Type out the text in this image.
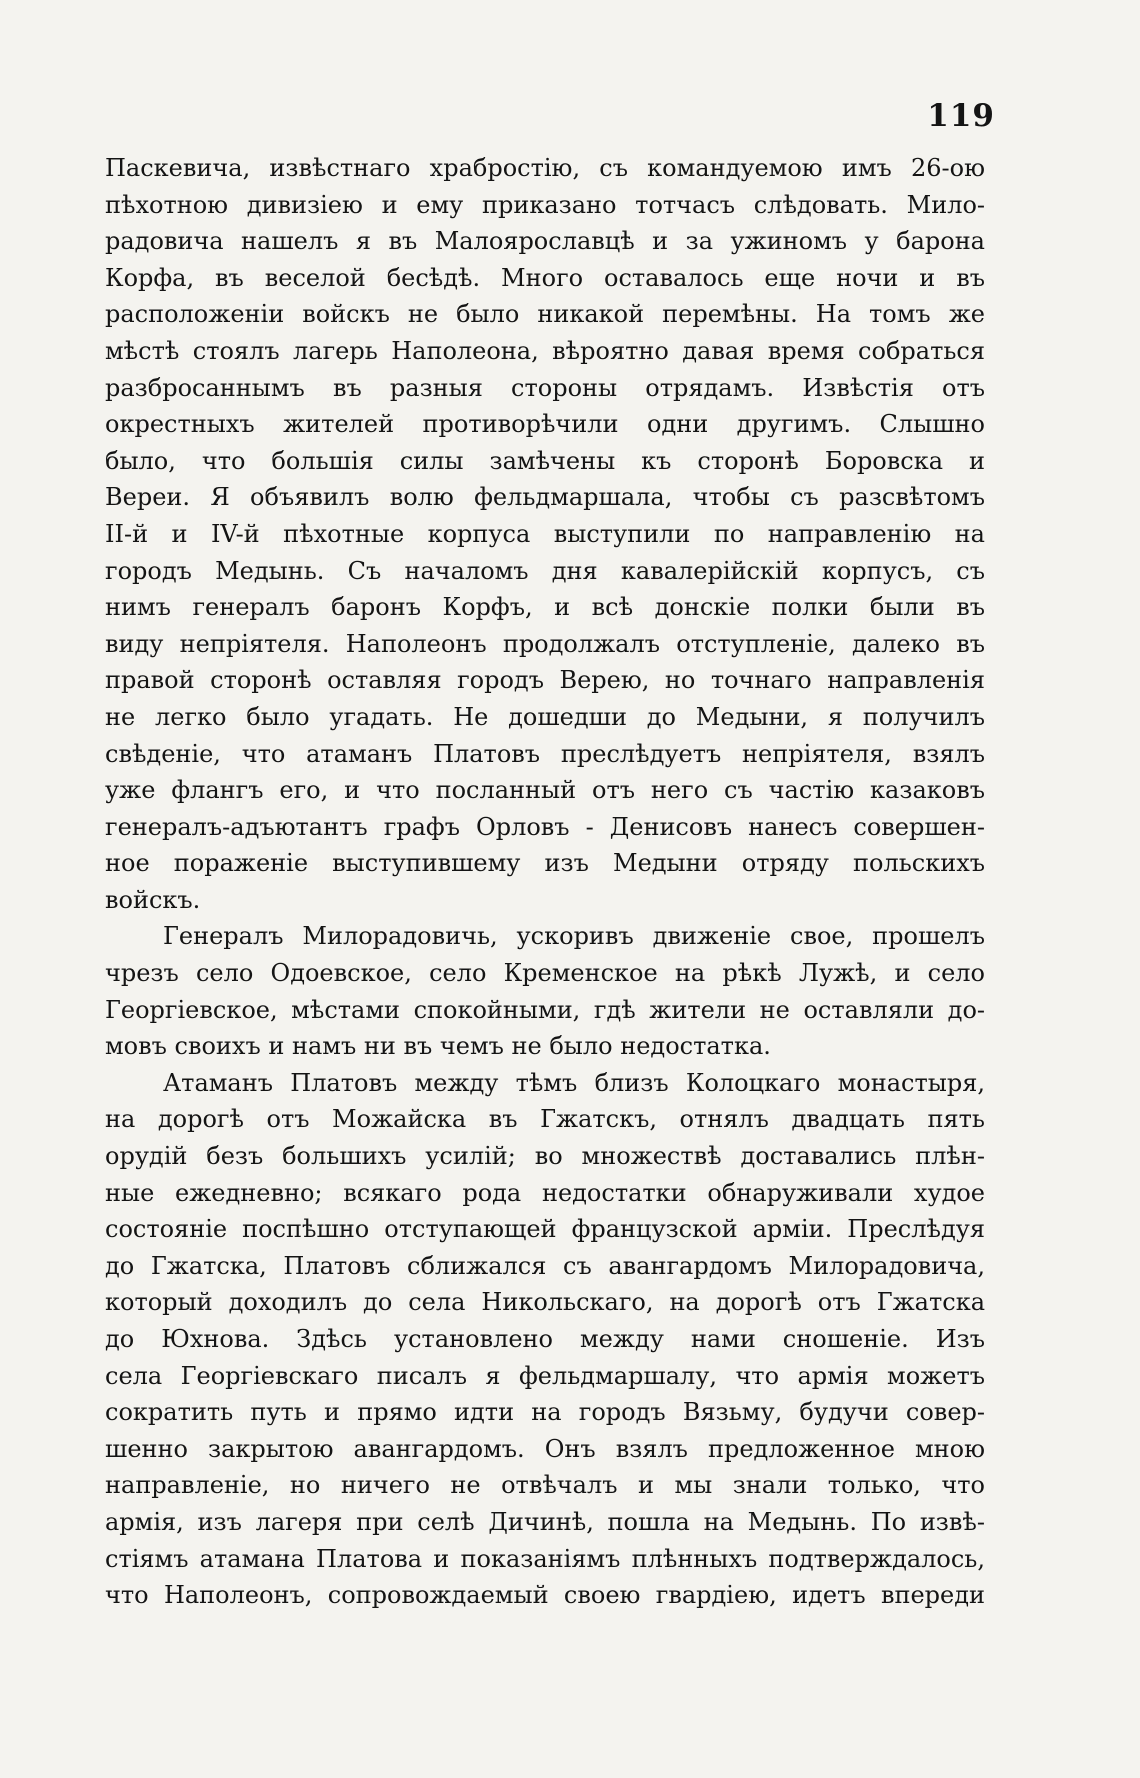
119
Паскевича, извѣстнаго храбростію, съ командуемою имъ 26-ою
пѣхотною дивизіею и ему приказано тотчасъ слѣдовать. Мило-
радовича нашелъ я въ Малоярославцѣ и за ужиномъ у барона
Корфа, въ веселой бесѣдѣ. Много оставалось еще ночи и въ
расположеніи войскъ не было никакой перемѣны. На томъ же
мѣстѣ стоялъ лагерь Наполеона, вѣроятно давая время собраться
разбросаннымъ въ разныя стороны отрядамъ. Извѣстія отъ
окрестныхъ жителей противорѣчили одни другимъ. Слышно
было, что большія силы замѣчены къ сторонѣ Боровска и
Вереи. Я объявилъ волю фельдмаршала, чтобы съ разсвѣтомъ
II-й и IV-й пѣхотные корпуса выступили по направленію на
городъ Медынь. Съ началомъ дня кавалерійскій корпусъ, съ
нимъ генералъ баронъ Корфъ, и всѣ донскіе полки были въ
виду непріятеля. Наполеонъ продолжалъ отступленіе, далеко въ
правой сторонѣ оставляя городъ Верею, но точнаго направленія
не легко было угадать. Не дошедши до Медыни, я получилъ
свѣденіе, что атаманъ Платовъ преслѣдуетъ непріятеля, взялъ
уже флангъ его, и что посланный отъ него съ частію казаковъ
генералъ-адъютантъ графъ Орловъ - Денисовъ нанесъ совершен-
ное пораженіе выступившему изъ Медыни отряду польскихъ
войскъ.
Генералъ Милорадовичь, ускоривъ движеніе свое, прошелъ
чрезъ село Одоевское, село Кременское на рѣкѣ Лужѣ, и село
Георгіевское, мѣстами спокойными, гдѣ жители не оставляли до-
мовъ своихъ и намъ ни въ чемъ не было недостатка.
Атаманъ Платовъ между тѣмъ близъ Колоцкаго монастыря,
на дорогѣ отъ Можайска въ Гжатскъ, отнялъ двадцать пять
орудій безъ большихъ усилій; во множествѣ доставались плѣн-
ные ежедневно; всякаго рода недостатки обнаруживали худое
состояніе поспѣшно отступающей французской арміи. Преслѣдуя
до Гжатска, Платовъ сближался съ авангардомъ Милорадовича,
который доходилъ до села Никольскаго, на дорогѣ отъ Гжатска
до Юхнова. Здѣсь установлено между нами сношеніе. Изъ
села Георгіевскаго писалъ я фельдмаршалу, что армія можетъ
сократить путь и прямо идти на городъ Вязьму, будучи совер-
шенно закрытою авангардомъ. Онъ взялъ предложенное мною
направленіе, но ничего не отвѣчалъ и мы знали только, что
армія, изъ лагеря при селѣ Дичинѣ, пошла на Медынь. По извѣ-
стіямъ атамана Платова и показаніямъ плѣнныхъ подтверждалось,
что Наполеонъ, сопровождаемый своею гвардіею, идетъ впереди
